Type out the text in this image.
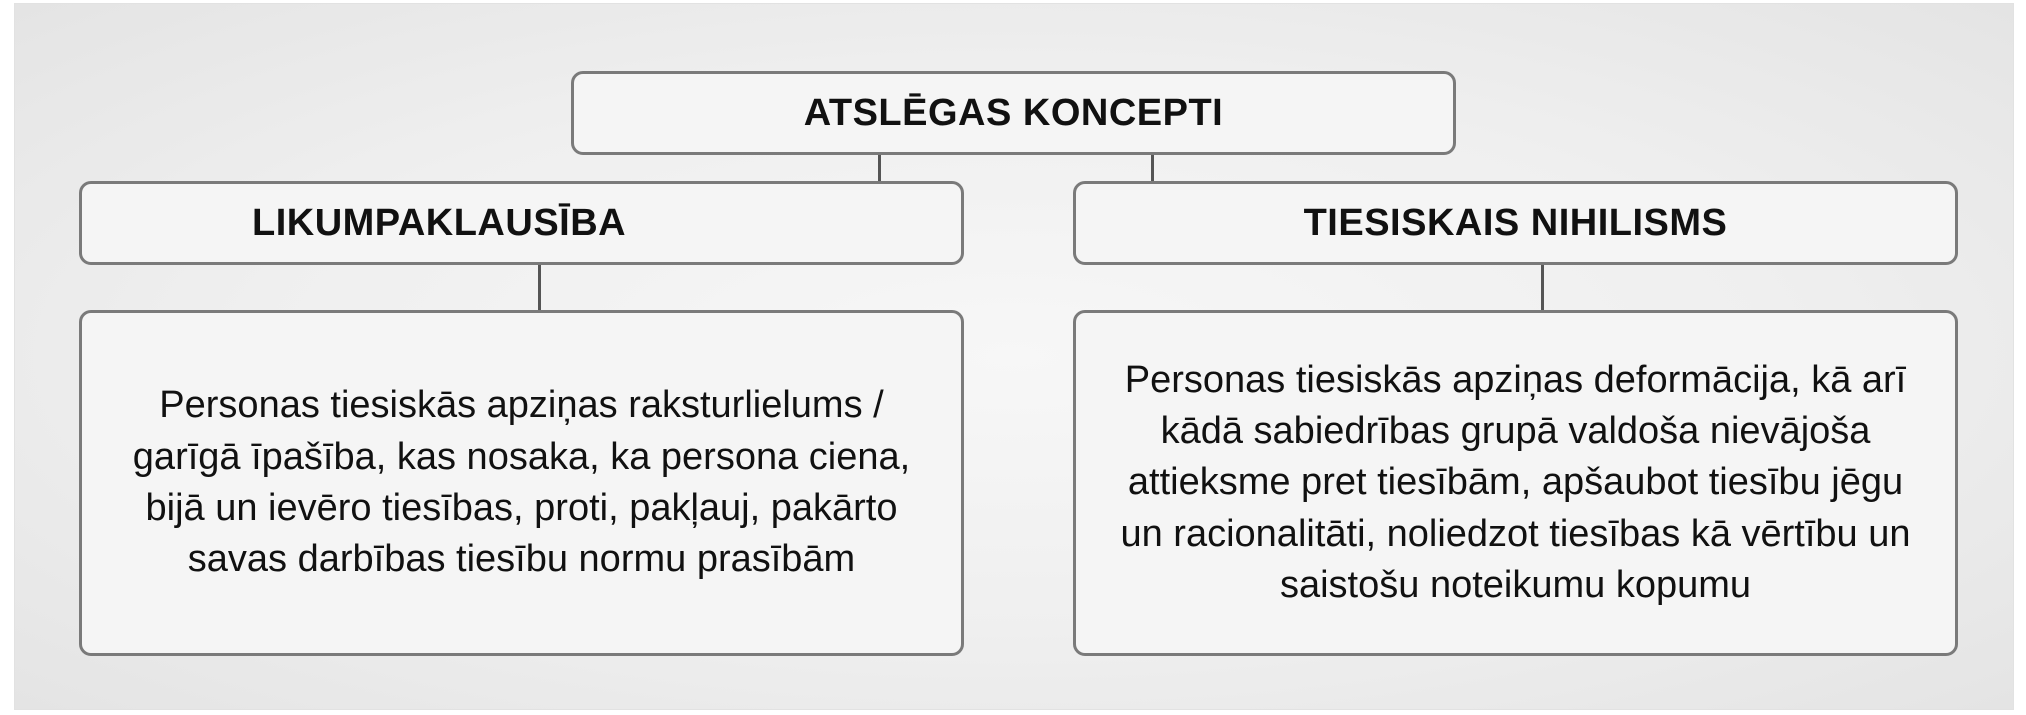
ATSLĒGAS KONCEPTI
LIKUMPAKLAUSĪBA	TIESISKAIS NIHILISMS
Personas tiesiskās apziņas raksturlielums / garīgā īpašība, kas nosaka, ka persona ciena, bijā un ievēro tiesības, proti, pakļauj, pakārto savas darbības tiesību normu prasībām
Personas tiesiskās apziņas deformācija, kā arī kādā sabiedrības grupā valdoša nievājoša attieksme pret tiesībām, apšaubot tiesību jēgu un racionalitāti, noliedzot tiesības kā vērtību un saistošu noteikumu kopumu
